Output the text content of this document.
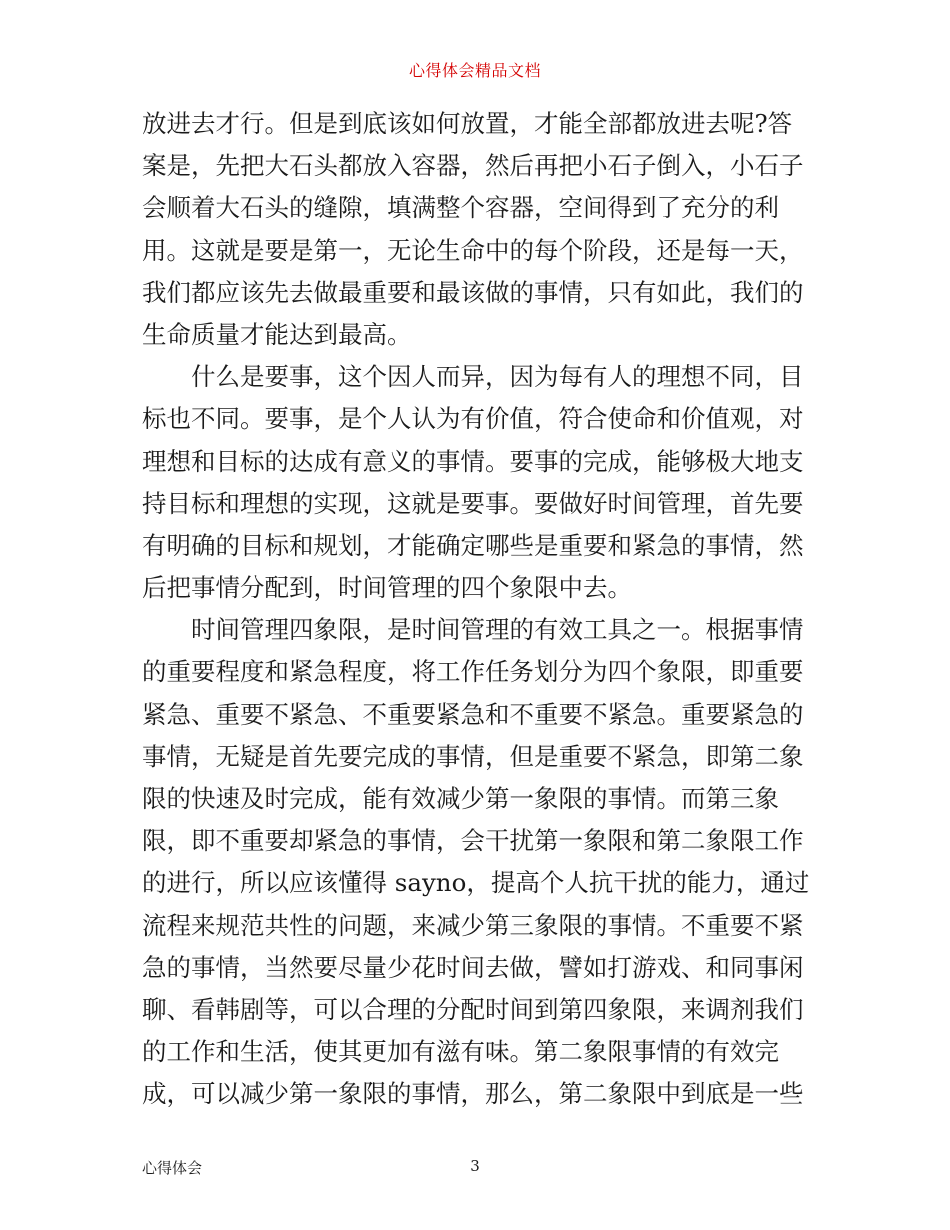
心得体会精品文档
放进去才行。但是到底该如何放置，才能全部都放进去呢?答
案是，先把大石头都放入容器，然后再把小石子倒入，小石子
会顺着大石头的缝隙，填满整个容器，空间得到了充分的利
用。这就是要是第一，无论生命中的每个阶段，还是每一天，
我们都应该先去做最重要和最该做的事情，只有如此，我们的
生命质量才能达到最高。
　　什么是要事，这个因人而异，因为每有人的理想不同，目
标也不同。要事，是个人认为有价值，符合使命和价值观，对
理想和目标的达成有意义的事情。要事的完成，能够极大地支
持目标和理想的实现，这就是要事。要做好时间管理，首先要
有明确的目标和规划，才能确定哪些是重要和紧急的事情，然
后把事情分配到，时间管理的四个象限中去。
　　时间管理四象限，是时间管理的有效工具之一。根据事情
的重要程度和紧急程度，将工作任务划分为四个象限，即重要
紧急、重要不紧急、不重要紧急和不重要不紧急。重要紧急的
事情，无疑是首先要完成的事情，但是重要不紧急，即第二象
限的快速及时完成，能有效减少第一象限的事情。而第三象
限，即不重要却紧急的事情，会干扰第一象限和第二象限工作
的进行，所以应该懂得 sayno，提高个人抗干扰的能力，通过
流程来规范共性的问题，来减少第三象限的事情。不重要不紧
急的事情，当然要尽量少花时间去做，譬如打游戏、和同事闲
聊、看韩剧等，可以合理的分配时间到第四象限，来调剂我们
的工作和生活，使其更加有滋有味。第二象限事情的有效完
成，可以减少第一象限的事情，那么，第二象限中到底是一些
心得体会	3
